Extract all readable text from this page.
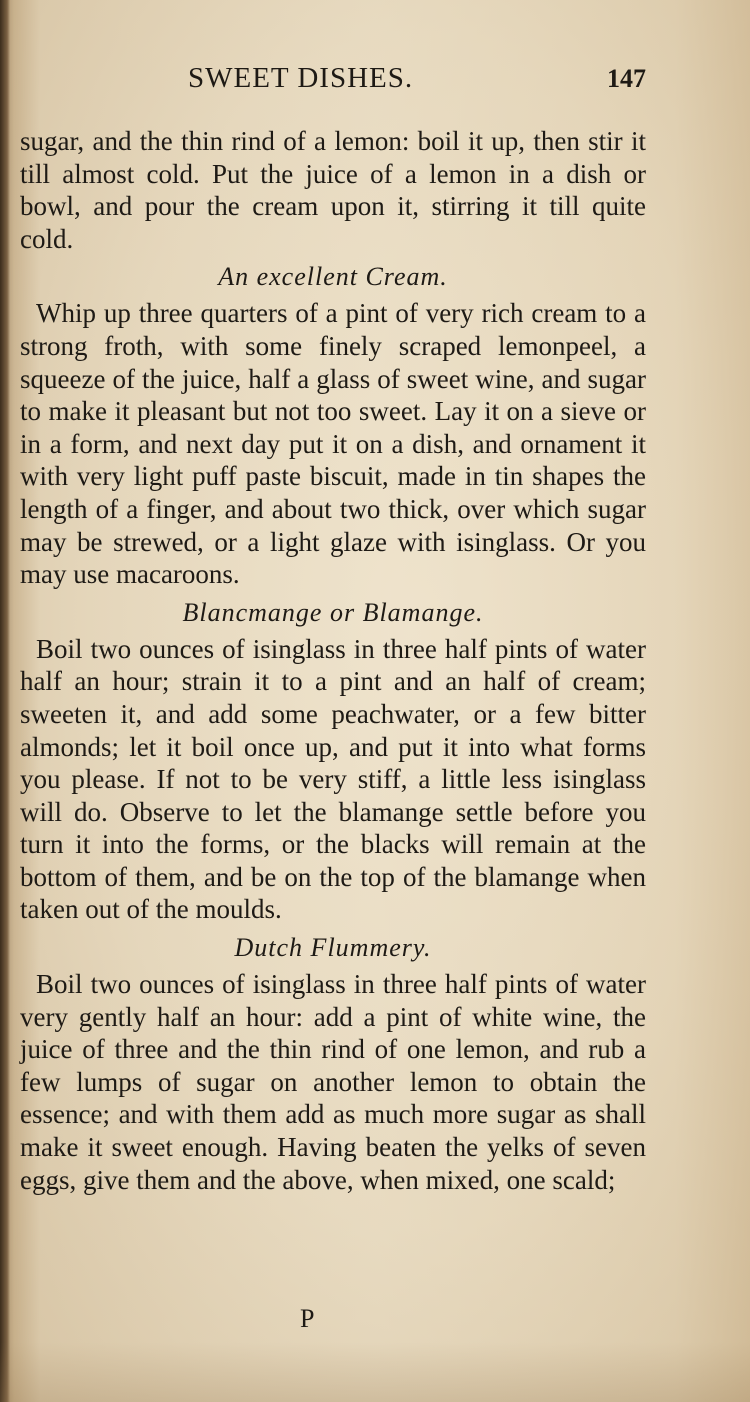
SWEET DISHES.	147

sugar, and the thin rind of a lemon: boil it up, then stir it till almost cold. Put the juice of a lemon in a dish or bowl, and pour the cream upon it, stirring it till quite cold.

An excellent Cream.

Whip up three quarters of a pint of very rich cream to a strong froth, with some finely scraped lemonpeel, a squeeze of the juice, half a glass of sweet wine, and sugar to make it pleasant but not too sweet. Lay it on a sieve or in a form, and next day put it on a dish, and ornament it with very light puff paste biscuit, made in tin shapes the length of a finger, and about two thick, over which sugar may be strewed, or a light glaze with isinglass. Or you may use macaroons.

Blancmange or Blamange.

Boil two ounces of isinglass in three half pints of water half an hour; strain it to a pint and an half of cream; sweeten it, and add some peachwater, or a few bitter almonds; let it boil once up, and put it into what forms you please. If not to be very stiff, a little less isinglass will do. Observe to let the blamange settle before you turn it into the forms, or the blacks will remain at the bottom of them, and be on the top of the blamange when taken out of the moulds.

Dutch Flummery.

Boil two ounces of isinglass in three half pints of water very gently half an hour: add a pint of white wine, the juice of three and the thin rind of one lemon, and rub a few lumps of sugar on another lemon to obtain the essence; and with them add as much more sugar as shall make it sweet enough. Having beaten the yelks of seven eggs, give them and the above, when mixed, one scald;

P
